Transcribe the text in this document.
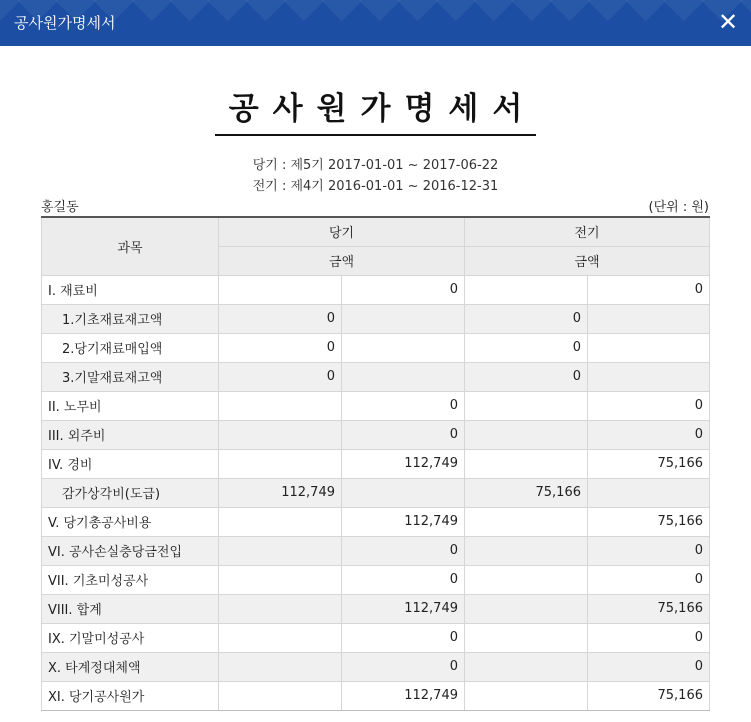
공사원가명세서	✕
공사원가명세서
당기 : 제5기 2017-01-01 ~ 2017-06-22
전기 : 제4기 2016-01-01 ~ 2016-12-31
홍길동	(단위 : 원)
과목	당기		전기	
	금액		금액	
I. 재료비		0		0
1.기초재료재고액	0		0	
2.당기재료매입액	0		0	
3.기말재료재고액	0		0	
II. 노무비		0		0
III. 외주비		0		0
IV. 경비		112,749		75,166
감가상각비(도급)	112,749		75,166	
V. 당기총공사비용		112,749		75,166
VI. 공사손실충당금전입		0		0
VII. 기초미성공사		0		0
VIII. 합계		112,749		75,166
IX. 기말미성공사		0		0
X. 타계정대체액		0		0
XI. 당기공사원가		112,749		75,166
